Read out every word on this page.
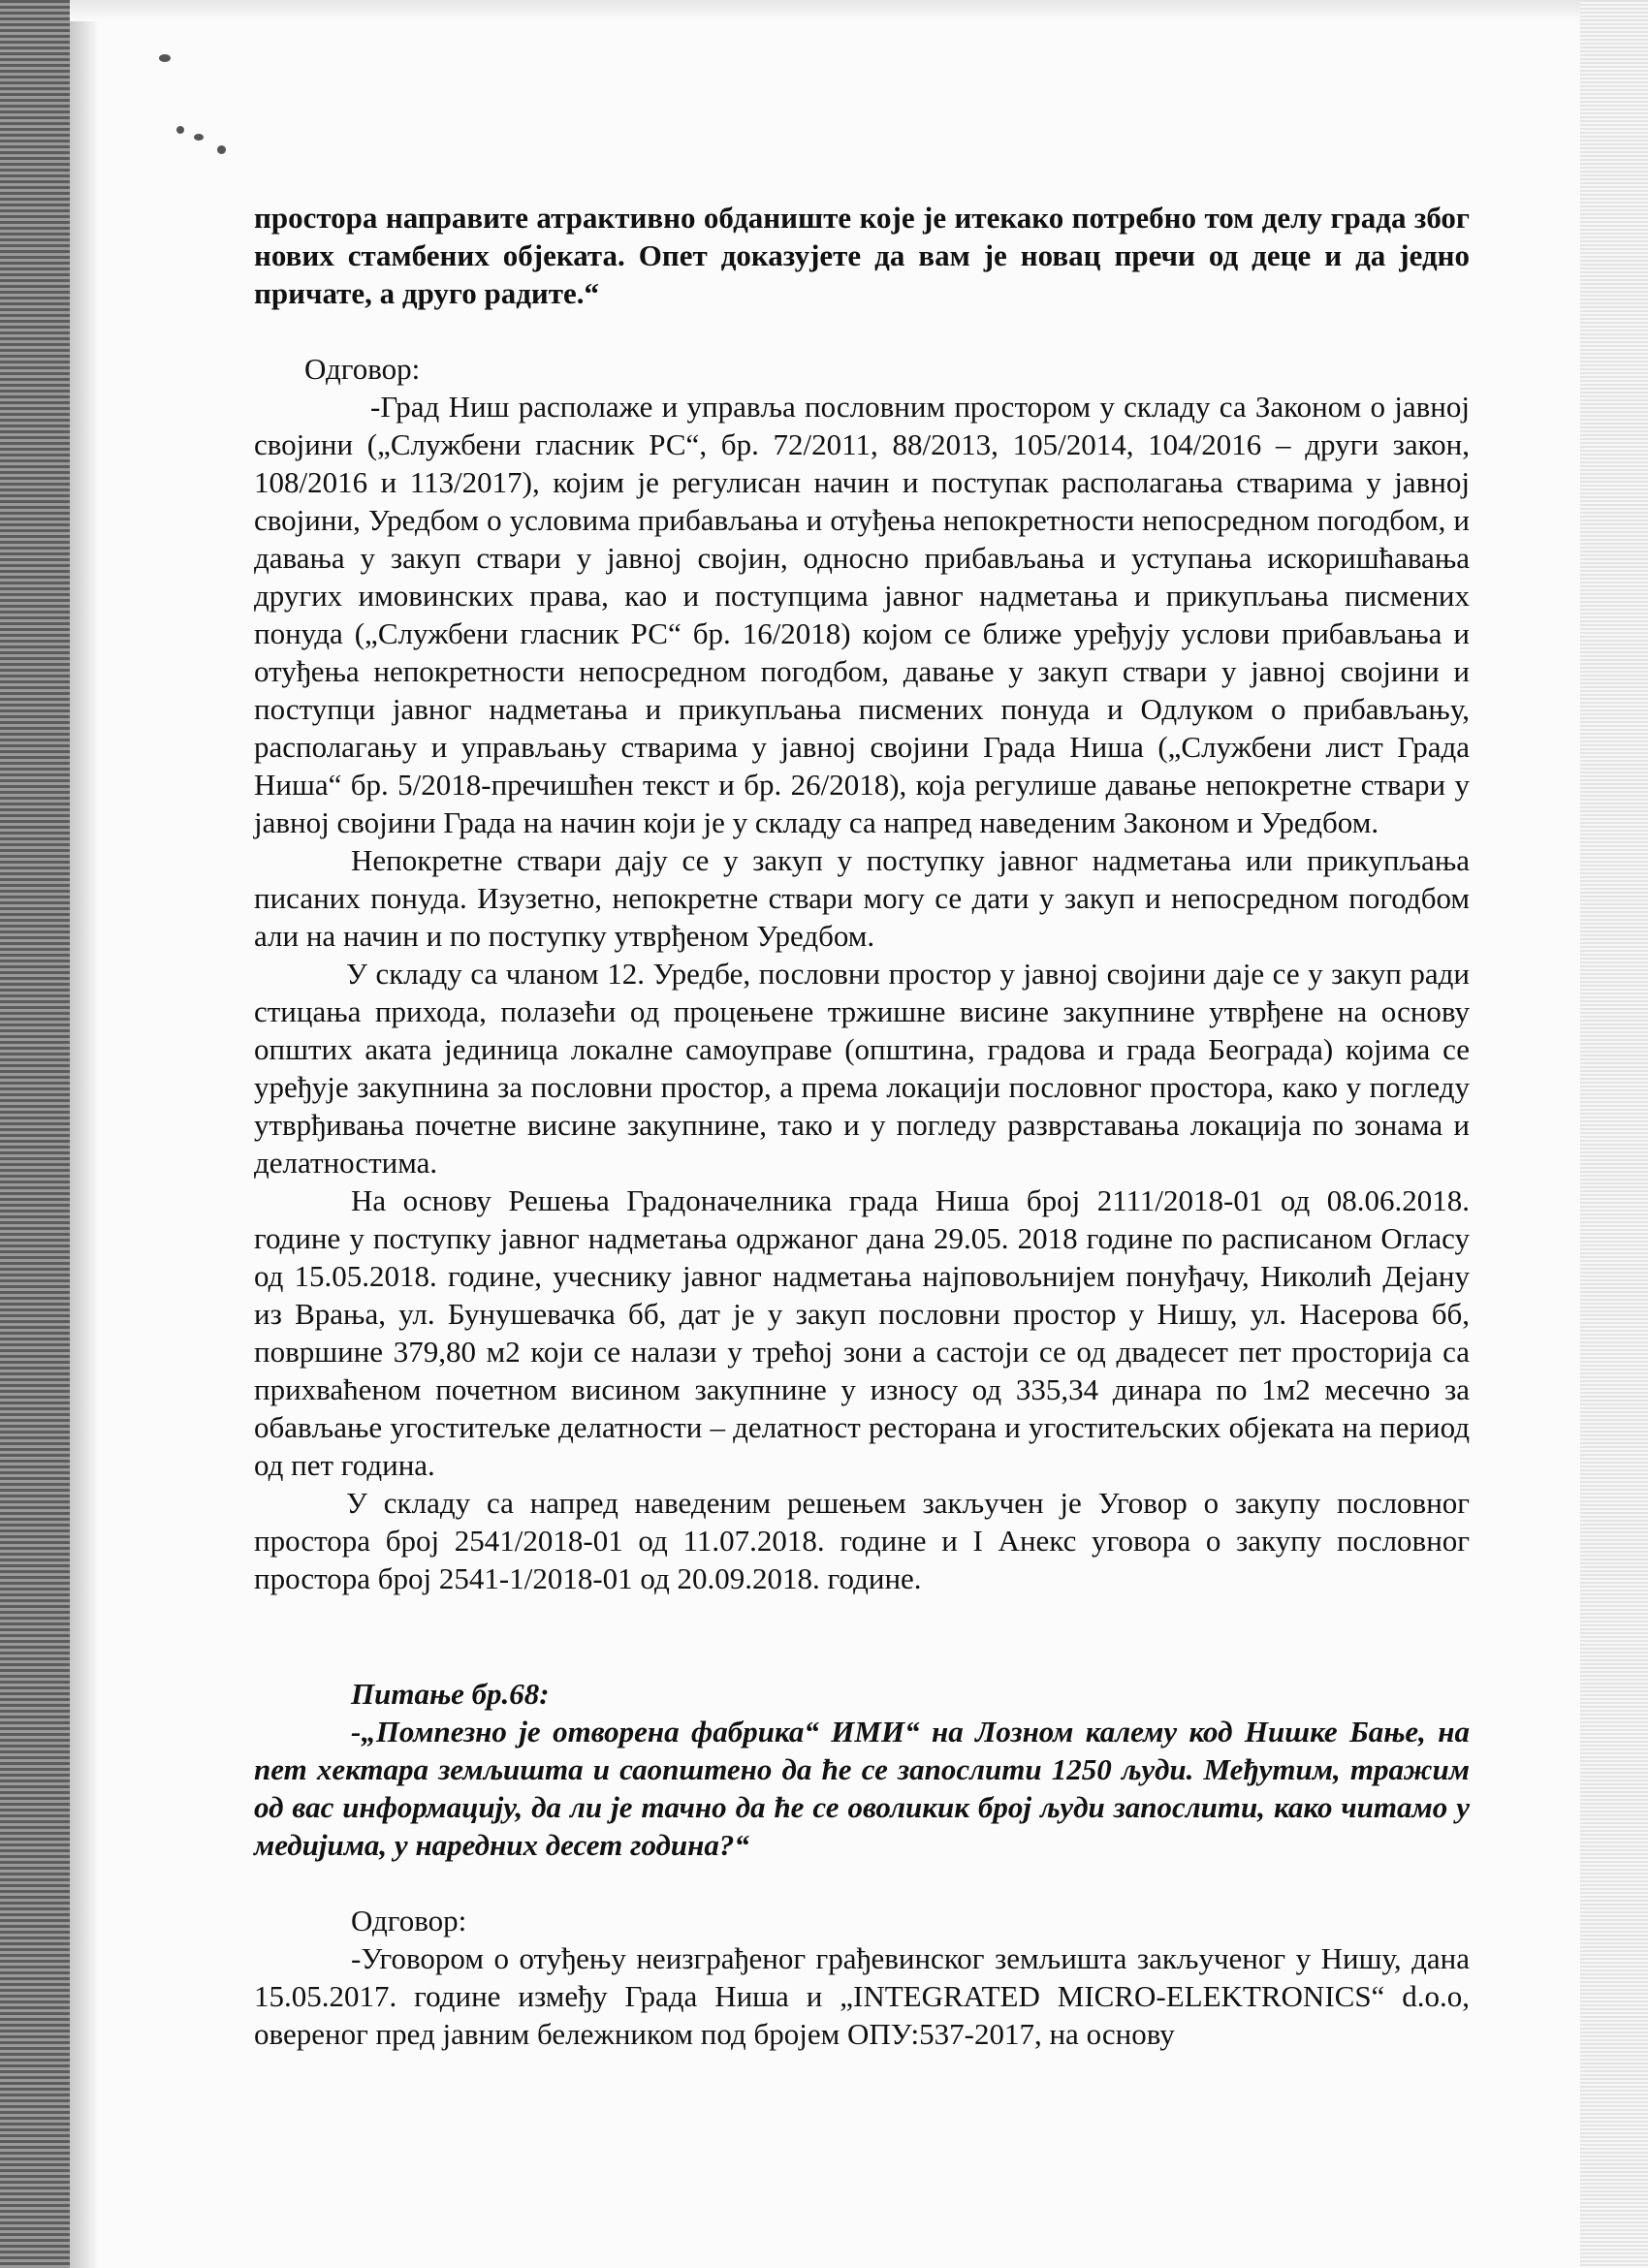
простора направите атрактивно обданиште које је итекако потребно том делу града због нових стамбених објеката. Опет доказујете да вам је новац пречи од деце и да једно причате, а друго радите.“

Одговор:

-Град Ниш располаже и управља пословним простором у складу са Законом о јавној својини („Службени гласник РС“, бр. 72/2011, 88/2013, 105/2014, 104/2016 – други закон, 108/2016 и 113/2017), којим је регулисан начин и поступак располагања стварима у јавној својини, Уредбом о условима прибављања и отуђења непокретности непосредном погодбом, и давања у закуп ствари у јавној својин, односно прибављања и уступања искоришћавања других имовинских права, као и поступцима јавног надметања и прикупљања писмених понуда („Службени гласник РС“ бр. 16/2018) којом се ближе уређују услови прибављања и отуђења непокретности непосредном погодбом, давање у закуп ствари у јавној својини и поступци јавног надметања и прикупљања писмених понуда и Одлуком о прибављању, располагању и управљању стварима у јавној својини Града Ниша („Службени лист Града Ниша“ бр. 5/2018-пречишћен текст и бр. 26/2018), која регулише давање непокретне ствари у јавној својини Града на начин који је у складу са напред наведеним Законом и Уредбом.

Непокретне ствари дају се у закуп у поступку јавног надметања или прикупљања писаних понуда. Изузетно, непокретне ствари могу се дати у закуп и непосредном погодбом али на начин и по поступку утврђеном Уредбом.

У складу са чланом 12. Уредбе, пословни простор у јавној својини даје се у закуп ради стицања прихода, полазећи од процењене тржишне висине закупнине утврђене на основу општих аката јединица локалне самоуправе (општина, градова и града Београда) којима се уређује закупнина за пословни простор, а према локацији пословног простора, како у погледу утврђивања почетне висине закупнине, тако и у погледу разврставања локација по зонама и делатностима.

На основу Решења Градоначелника града Ниша број 2111/2018-01 од 08.06.2018. године у поступку јавног надметања одржаног дана 29.05. 2018 године по расписаном Огласу од 15.05.2018. године, учеснику јавног надметања најповољнијем понуђачу, Николић Дејану из Врања, ул. Бунушевачка бб, дат је у закуп пословни простор у Нишу, ул. Насерова бб, површине 379,80 м2 који се налази у трећој зони а састоји се од двадесет пет просторија са прихваћеном почетном висином закупнине у износу од 335,34 динара по 1м2 месечно за обављање угоститељке делатности – делатност ресторана и угоститељских објеката на период од пет година.

У складу са напред наведеним решењем закључен је Уговор о закупу пословног простора број 2541/2018-01 од 11.07.2018. године и I Анекс уговора о закупу пословног простора број 2541-1/2018-01 од 20.09.2018. године.

Питање бр.68:

-„Помпезно је отворена фабрика“ ИМИ“ на Лозном калему код Нишке Бање, на пет хектара земљишта и саопштено да ће се запослити 1250 људи. Међутим, тражим од вас информацију, да ли је тачно да ће се оволикик број људи запослити, како читамо у медијима, у наредних десет година?“

Одговор:

-Уговором о отуђењу неизграђеног грађевинског земљишта закљученог у Нишу, дана 15.05.2017. године између Града Ниша и „INTEGRATED MICRO-ELEKTRONICS“ d.o.o, овереног пред јавним бележником под бројем ОПУ:537-2017, на основу
